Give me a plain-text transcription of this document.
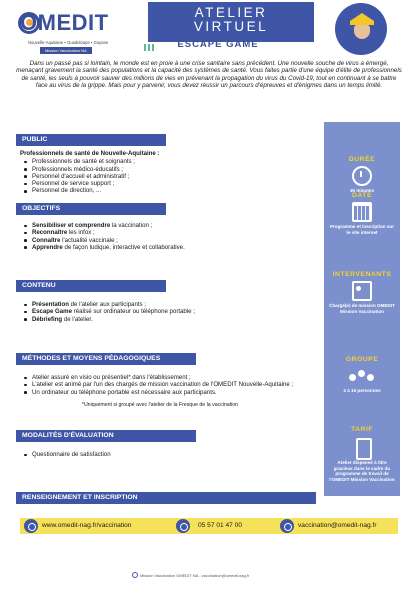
OMEDIT
Nouvelle-Aquitaine ▪ Guadeloupe ▪ Guyane
Mission Vaccination NA
ATELIER
VIRTUEL
ESCAPE GAME

Dans un passé pas si lointain, le monde est en proie à une crise sanitaire sans précédent. Une nouvelle souche de virus a émergé, menaçant gravement la santé des populations et la capacité des systèmes de santé. Vous faites partie d'une équipe d'élite de professionnels de santé, les seuls à pouvoir sauver des millions de vies en prévenant la propagation du virus du Covid-19, tout en continuant à se battre face au virus de la grippe. Mais pour y parvenir, vous devez réussir un parcours d'épreuves et d'énigmes dans un temps limité.

PUBLIC
Professionnels de santé de Nouvelle-Aquitaine :
Professionnels de santé et soignants ;
Professionnels médico-éducatifs ;
Personnel d'accueil et administratif ;
Personnel de service support ;
Personnel de direction, ...
OBJECTIFS
Sensibiliser et comprendre la vaccination ;
Reconnaître les infox ;
Connaître l'actualité vaccinale ;
Apprendre de façon ludique, interactive et collaborative.
CONTENU
Présentation de l'atelier aux participants ;
Escape Game réalisé sur ordinateur ou téléphone portable ;
Débriefing de l'atelier.
MÉTHODES ET MOYENS PÉDAGOGIQUES
Atelier assuré en visio ou présentiel* dans l'établissement ;
L'atelier est animé par l'un des chargés de mission vaccination de l'OMEDIT Nouvelle-Aquitaine ;
Un ordinateur ou téléphone portable est nécessaire aux participants.
*Uniquement si groupé avec l'atelier de la Fresque de la vaccination
MODALITÉS D'ÉVALUATION
Questionnaire de satisfaction
RENSEIGNEMENT ET INSCRIPTION
DURÉE
30 minutes
DATE
Programme et inscription sur le site internet
INTERVENANTS
Chargé(e) de mission OMEDIT Mission Vaccination
GROUPE
2 à 15 personnes
TARIF
Atelier dispensé à titre gracieux dans le cadre du programme de travail de l'OMEDIT Mission Vaccination
www.omedit-nag.fr/vaccination	05 57 01 47 00	vaccination@omedit-nag.fr
Mission Vaccination OMEDIT NA - vaccination@omedit-nag.fr
